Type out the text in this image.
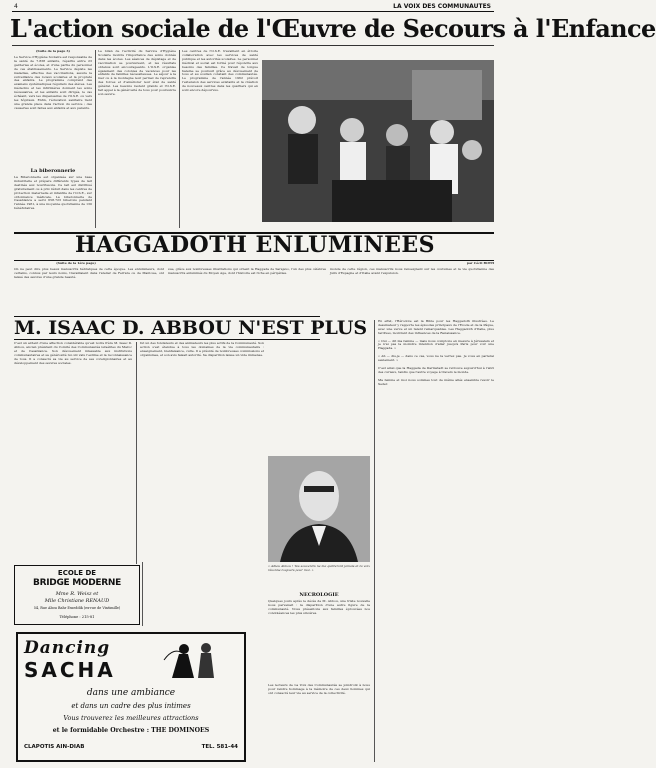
4	LA VOIX DES COMMUNAUTES
L'action sociale de l'Œuvre de Secours à l'Enfance
(Suite de la page 3)
Le Service d'Hygiène Scolaire est responsable de la santé de 7.838 enfants, répartis entre 23 garderies et écoles, et d'une partie du personnel de ces établissements. Le Service dépiste les maladies, effectue des vaccinations, assure la surveillance des locaux scolaires et la propreté des enfants. Le programme comprend des examens systématiques réguliers des élèves. Les médecins et les infirmières donnent les soins nécessaires, et les enfants sont dirigés, le cas échéant, vers les dispensaires de l'O.S.E. ou vers les hôpitaux. Enfin, l'éducation sanitaire tient une grande place dans l'action du service ; des causeries sont faites aux enfants et aux parents.
La biberonnerie
La Biberonnerie est organisée sur une base industrielle et prépare différents types de lait destinés aux nourrissons. Ce lait est distribué gratuitement ou à prix réduit dans les centres de protection maternelle et infantile de l'O.S.E., sur ordonnance médicale. La biberonnerie de Casablanca a servi 658.723 biberons pendant l'année 1961, à une moyenne quotidienne de 130 bénéficiaires.
Le bilan de l'activité du Service d'Hygiène Scolaire montre l'importance des soins donnés dans les écoles. Les séances de dépistage et de vaccination se poursuivent, et les résultats obtenus sont encourageants. L'O.S.E. organise également des colonies de vacances pour les enfants de familles nécessiteuses. Le séjour à la mer ou à la montagne leur permet de reprendre des forces et d'améliorer leur état de santé général. Les besoins restent grands et l'O.S.E. fait appel à la générosité de tous pour poursuivre son œuvre.
Les centres de l'O.S.E. travaillent en étroite collaboration avec les services de santé publique et les autorités scolaires. Le personnel médical et social est formé pour répondre aux besoins des familles. Ce travail de longue haleine se poursuit grâce au dévouement de tous et au soutien constant des communautés. Le programme de l'année 1962 prévoit l'extension des services existants et la création de nouveaux centres dans les quartiers qui en sont encore dépourvus.
HAGGADOTH ENLUMINEES
(Suite de la 1ère page)	par Cécil ROTH
On ne peut dire plus beaux manuscrits hébraïques de cette époque. Les enlumineurs, dont certains, connus par leurs noms, travaillaient dans l'atelier de Ferrare ou de Mantoue, ont laissé des œuvres d'une grande beauté.
sue, grâce aux nombreuses illustrations qui ornent la Haggada de Sarajevo, l'un des plus célèbres manuscrits enluminés du Moyen Age, dont l'histoire est riche en péripéties.
monde de cette région, ces manuscrits nous renseignent sur les coutumes et la vie quotidienne des Juifs d'Espagne et d'Italie avant l'expulsion.
M. ISAAC D. ABBOU N'EST PLUS
C'est un ardent d'une affection considérable qu'est notre frère M. Isaac D. Abbou, ancien président du Comité des Communautés israélites du Maroc et de Casablanca. Son dévouement inlassable aux institutions communautaires et sa générosité lui ont valu l'estime et la reconnaissance de tous. Il a consacré sa vie au service de ses coreligionnaires et au développement des œuvres sociales.
fut un des fondateurs et des animateurs les plus actifs de la Communauté. Son action s'est étendue à tous les domaines de la vie communautaire : enseignement, bienfaisance, culte. Il a présidé de nombreuses commissions et organismes, et son avis faisait autorité. Sa disparition laisse un vide immense.
« Adieu Abbou ! Tes souvenirs ne me quitteront jamais et ta voix résonne toujours pour moi. »
NECROLOGIE
Quelques jours après le décès de M. Abbou, une triste nouvelle nous parvenait : la disparition d'une autre figure de la communauté. Nous présentons aux familles éprouvées nos condoléances les plus sincères.
Les lecteurs de La Voix des Communautés se joindront à nous pour rendre hommage à la mémoire de ces deux hommes qui ont consacré leur vie au service de la collectivité.
En effet, l'Hérodote est la Bible pour les Haggadoth illustrées. Le dessinateur y rapporte les épisodes principaux de l'Exode et de la Pâque, avec une verve et un talent remarquables. Les Haggadoth d'Italie, plus tardives, montrent des influences de la Renaissance.

« Oui — dit ma femme — mais nous comptons en mesure à Jérusalem et je n'ai pas la moindre intention d'aller jusqu'à Paris pour voir une Haggada. »

« Ah — dis-je — dans ce cas, vous ne la verrez pas. Je vous en parlerai seulement. »

C'est ainsi que la Haggada de Darmstadt se retrouve aujourd'hui à l'abri des curieux, tandis que l'autre voyage à travers le monde.

Ma femme et moi nous sommes tout de même allés ensemble revoir le Seder.
ECOLE DE
BRIDGE MODERNE
Mme R. Weisz et
Mlle Christiane RENAUD
54, Rue Abou Bahr Esseddik (ex-rue de Vintimille)
Téléphone : 215-81
Dancing
SACHA
dans une ambiance
et dans un cadre des plus intimes
Vous trouverez les meilleures attractions
et le formidable Orchestre : THE DOMINOES
CLAPOTIS AIN-DIAB	TEL. 581-44
